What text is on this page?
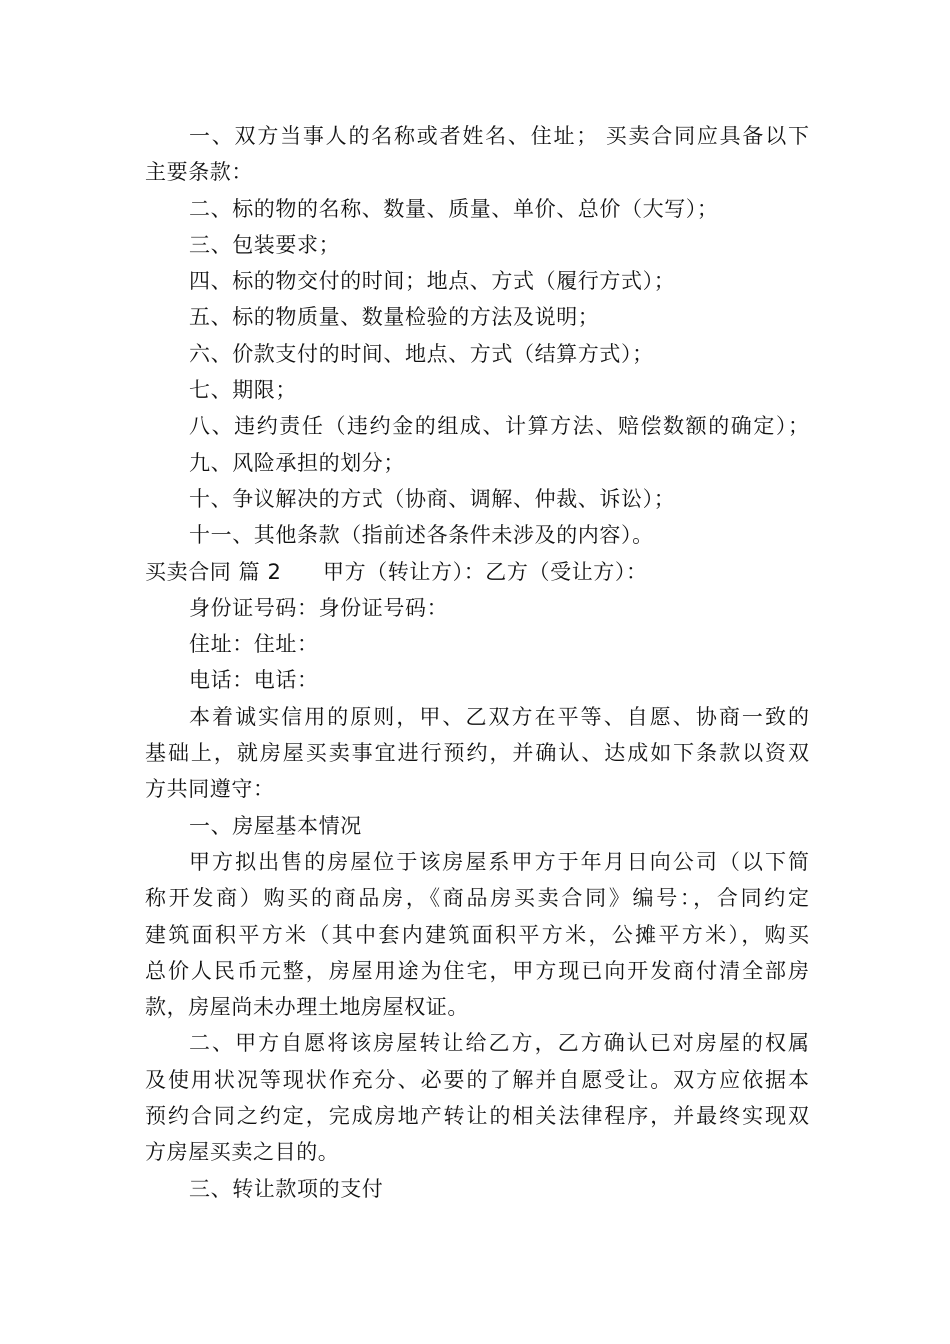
一、双方当事人的名称或者姓名、住址； 买卖合同应具备以下
主要条款：
二、标的物的名称、数量、质量、单价、总价（大写）；
三、包装要求；
四、标的物交付的时间；地点、方式（履行方式）；
五、标的物质量、数量检验的方法及说明；
六、价款支付的时间、地点、方式（结算方式）；
七、期限；
八、违约责任（违约金的组成、计算方法、赔偿数额的确定）；
九、风险承担的划分；
十、争议解决的方式（协商、调解、仲裁、诉讼）；
十一、其他条款（指前述各条件未涉及的内容）。
买卖合同 篇 2	甲方（转让方）：乙方（受让方）：
身份证号码：身份证号码：
住址：住址：
电话：电话：
本着诚实信用的原则，甲、乙双方在平等、自愿、协商一致的
基础上，就房屋买卖事宜进行预约，并确认、达成如下条款以资双
方共同遵守：
一、房屋基本情况
甲方拟出售的房屋位于该房屋系甲方于年月日向公司（以下简
称开发商）购买的商品房，《商品房买卖合同》编号：，合同约定
建筑面积平方米（其中套内建筑面积平方米，公摊平方米），购买
总价人民币元整，房屋用途为住宅，甲方现已向开发商付清全部房
款，房屋尚未办理土地房屋权证。
二、甲方自愿将该房屋转让给乙方，乙方确认已对房屋的权属
及使用状况等现状作充分、必要的了解并自愿受让。双方应依据本
预约合同之约定，完成房地产转让的相关法律程序，并最终实现双
方房屋买卖之目的。
三、转让款项的支付
